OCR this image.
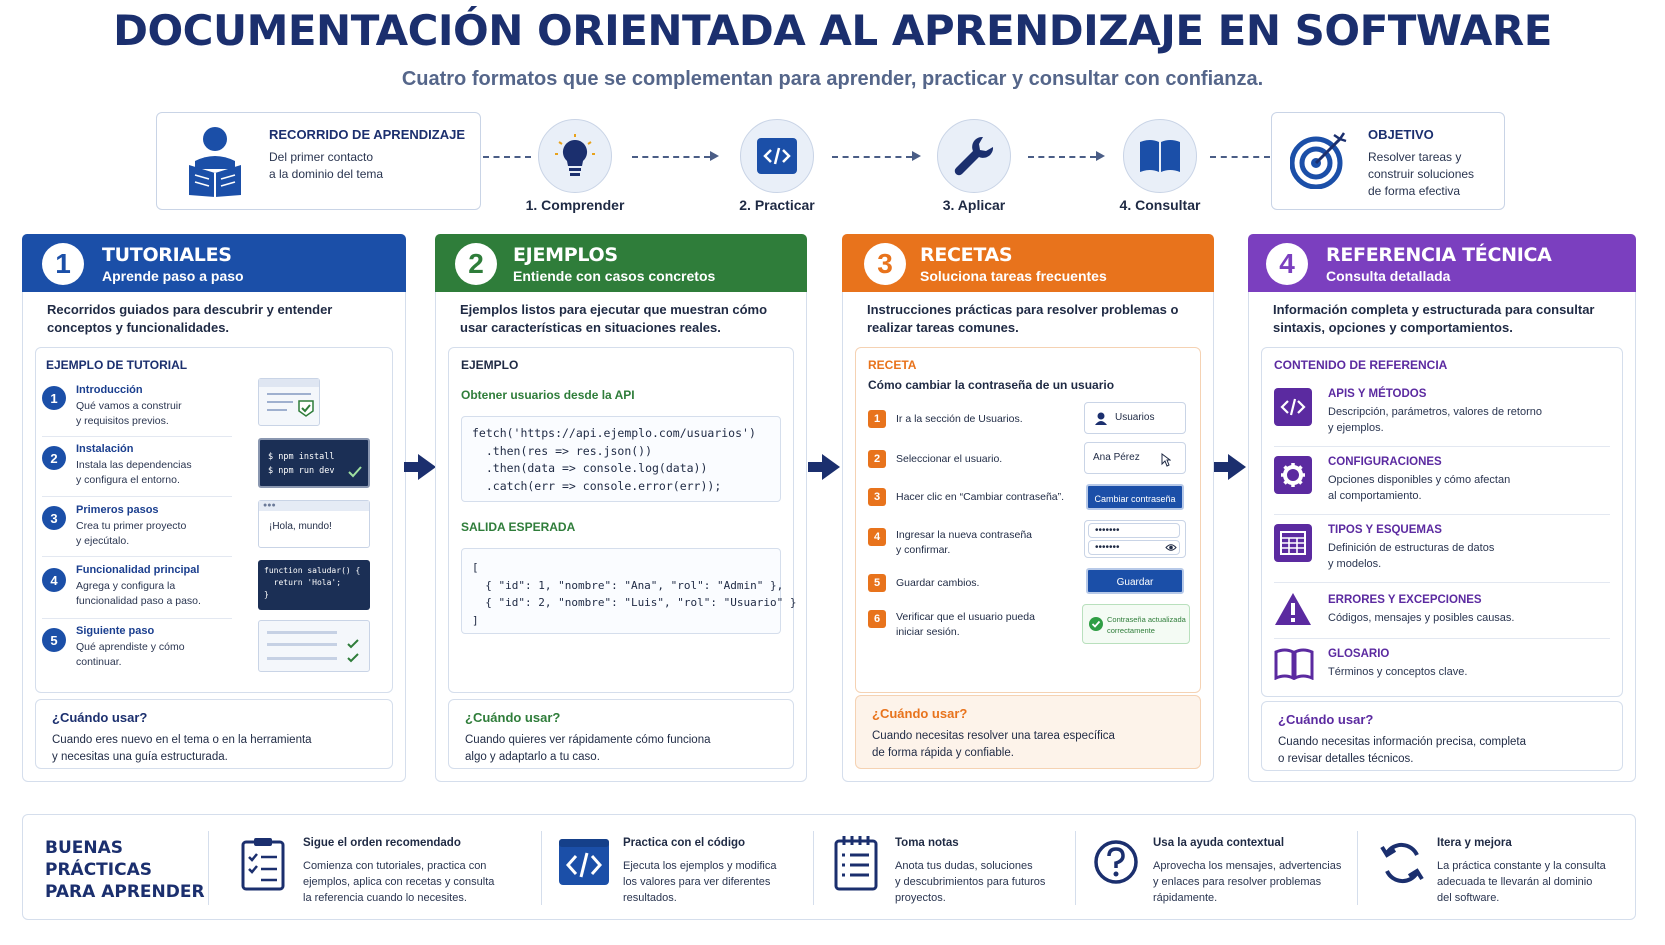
DOCUMENTACIÓN ORIENTADA AL APRENDIZAJE EN SOFTWARE
Cuatro formatos que se complementan para aprender, practicar y consultar con confianza.
RECORRIDO DE APRENDIZAJE
Del primer contacto
a la dominio del tema
1. Comprender	2. Practicar	3. Aplicar	4. Consultar
OBJETIVO
Resolver tareas y
construir soluciones
de forma efectiva
1	TUTORIALES
Aprende paso a paso
Recorridos guiados para descubrir y entender conceptos y funcionalidades.
EJEMPLO DE TUTORIAL
1
Introducción
Qué vamos a construir
y requisitos previos.
2
Instalación
Instala las dependencias
y configura el entorno.
$ npm install
$ npm run dev
3
Primeros pasos
Crea tu primer proyecto
y ejecútalo.
●●●
¡Hola, mundo!
4
Funcionalidad principal
Agrega y configura la
funcionalidad paso a paso.
function saludar() {
return 'Hola';
}
5
Siguiente paso
Qué aprendiste y cómo
continuar.
¿Cuándo usar?
Cuando eres nuevo en el tema o en la herramienta
y necesitas una guía estructurada.
2	EJEMPLOS
Entiende con casos concretos
Ejemplos listos para ejecutar que muestran cómo usar características en situaciones reales.
EJEMPLO
Obtener usuarios desde la API
fetch('https://api.ejemplo.com/usuarios')
.then(res => res.json())
.then(data => console.log(data))
.catch(err => console.error(err));
SALIDA ESPERADA
[
{ "id": 1, "nombre": "Ana", "rol": "Admin" },
{ "id": 2, "nombre": "Luis", "rol": "Usuario" }
]
¿Cuándo usar?
Cuando quieres ver rápidamente cómo funciona
algo y adaptarlo a tu caso.
3	RECETAS
Soluciona tareas frecuentes
Instrucciones prácticas para resolver problemas o realizar tareas comunes.
RECETA
Cómo cambiar la contraseña de un usuario
1	Ir a la sección de Usuarios.	Usuarios
2	Seleccionar el usuario.	Ana Pérez
3	Hacer clic en “Cambiar contraseña”.	Cambiar contraseña
4	Ingresar la nueva contraseña
y confirmar.
•••••••
•••••••
5	Guardar cambios.	Guardar
6	Verificar que el usuario pueda
iniciar sesión.
Contraseña actualizada
correctamente
¿Cuándo usar?
Cuando necesitas resolver una tarea específica
de forma rápida y confiable.
4	REFERENCIA TÉCNICA
Consulta detallada
Información completa y estructurada para consultar sintaxis, opciones y comportamientos.
CONTENIDO DE REFERENCIA
APIS Y MÉTODOS
Descripción, parámetros, valores de retorno
y ejemplos.
CONFIGURACIONES
Opciones disponibles y cómo afectan
al comportamiento.
TIPOS Y ESQUEMAS
Definición de estructuras de datos
y modelos.
ERRORES Y EXCEPCIONES
Códigos, mensajes y posibles causas.
GLOSARIO
Términos y conceptos clave.
¿Cuándo usar?
Cuando necesitas información precisa, completa
o revisar detalles técnicos.
BUENAS
PRÁCTICAS
PARA APRENDER
Sigue el orden recomendado
Comienza con tutoriales, practica con
ejemplos, aplica con recetas y consulta
la referencia cuando lo necesites.
Practica con el código
Ejecuta los ejemplos y modifica
los valores para ver diferentes
resultados.
Toma notas
Anota tus dudas, soluciones
y descubrimientos para futuros
proyectos.
Usa la ayuda contextual
Aprovecha los mensajes, advertencias
y enlaces para resolver problemas
rápidamente.
Itera y mejora
La práctica constante y la consulta
adecuada te llevarán al dominio
del software.
